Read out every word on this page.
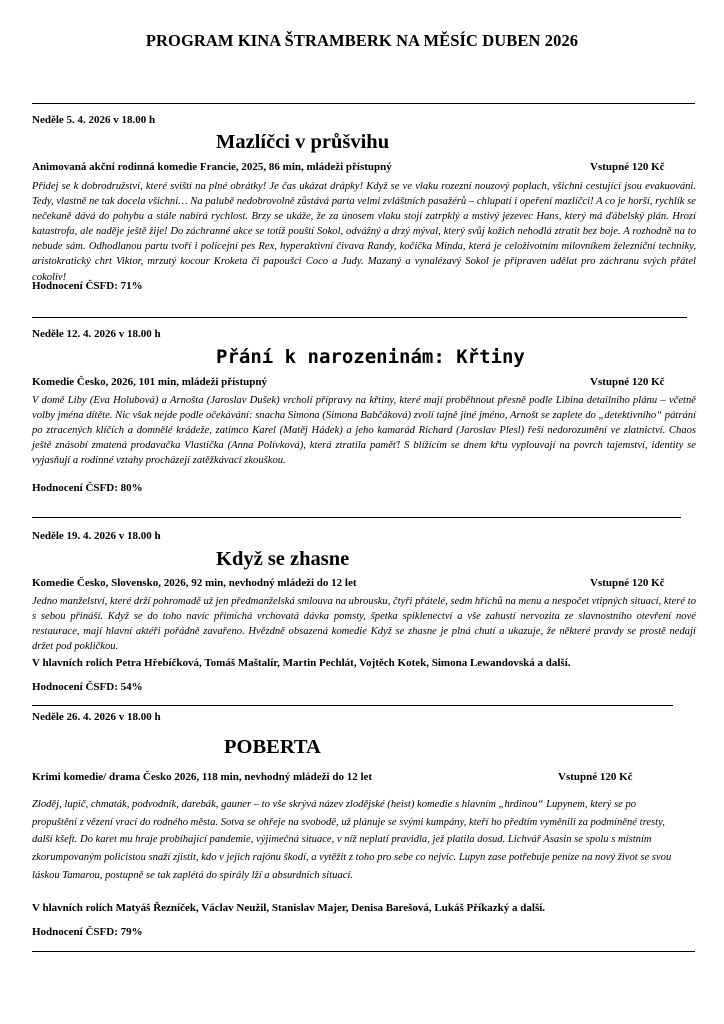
PROGRAM KINA ŠTRAMBERK NA MĚSÍC DUBEN 2026
Neděle 5. 4. 2026 v 18.00 h
Mazlíčci v průšvihu
Animovaná akční rodinná komedie Francie, 2025, 86 min, mládeži přístupný	Vstupné 120 Kč

Přidej se k dobrodružství, které sviští na plné obrátky! Je čas ukázat drápky! Když se ve vlaku rozezní nouzový poplach, všichni cestující jsou evakuováni. Tedy, vlastně ne tak docela všichni… Na palubě nedobrovolně zůstává parta velmi zvláštních pasažérů – chlupatí i opeření mazlíčci! A co je horší, rychlík se nečekaně dává do pohybu a stále nabírá rychlost. Brzy se ukáže, že za únosem vlaku stojí zatrpklý a mstivý jezevec Hans, který má ďábelský plán. Hrozí katastrofa, ale naděje ještě žije! Do záchranné akce se totiž pouští Sokol, odvážný a drzý mýval, který svůj kožich nehodlá ztratit bez boje. A rozhodně na to nebude sám. Odhodlanou partu tvoří i policejní pes Rex, hyperaktivní čivava Randy, kočička Minda, která je celoživotním milovníkem železniční techniky, aristokratický chrt Viktor, mrzutý kocour Kroketa či papoušci Coco a Judy. Mazaný a vynalézavý Sokol je připraven udělat pro záchranu svých přátel cokoliv!

Hodnocení ČSFD: 71%
Neděle 12. 4. 2026 v 18.00 h
Přání k narozeninám: Křtiny
Komedie Česko, 2026, 101 min, mládeži přístupný	Vstupné 120 Kč

V domě Liby (Eva Holubová) a Arnošta (Jaroslav Dušek) vrcholí přípravy na křtiny, které mají proběhnout přesně podle Libina detailního plánu – včetně volby jména dítěte. Nic však nejde podle očekávání: snacha Simona (Simona Babčáková) zvolí tajně jiné jméno, Arnošt se zaplete do „detektivního“ pátrání po ztracených klíčích a domnělé krádeže, zatímco Karel (Matěj Hádek) a jeho kamarád Richard (Jaroslav Plesl) řeší nedorozumění ve zlatnictví. Chaos ještě znásobí zmatená prodavačka Vlastička (Anna Polívková), která ztratila paměť! S blížícím se dnem křtu vyplouvají na povrch tajemství, identity se vyjasňují a rodinné vztahy procházejí zatěžkávací zkouškou.

Hodnocení ČSFD: 80%
Neděle 19. 4. 2026 v 18.00 h
Když se zhasne
Komedie Česko, Slovensko, 2026, 92 min, nevhodný mládeži do 12 let	Vstupné 120 Kč

Jedno manželství, které drží pohromadě už jen předmanželská smlouva na ubrousku, čtyři přátelé, sedm hříchů na menu a nespočet vtipných situací, které to s sebou přináší. Když se do toho navíc přimíchá vrchovatá dávka pomsty, špetka spiklenectví a vše zahustí nervozita ze slavnostního otevření nové restaurace, mají hlavní aktéři pořádně zavařeno. Hvězdně obsazená komedie Když se zhasne je plná chutí a ukazuje, že některé pravdy se prostě nedají držet pod pokličkou.

V hlavních rolích Petra Hřebíčková, Tomáš Maštalír, Martin Pechlát, Vojtěch Kotek, Simona Lewandovská a další.
Hodnocení ČSFD: 54%
Neděle 26. 4. 2026 v 18.00 h
POBERTA
Krimi komedie/ drama Česko 2026, 118 min, nevhodný mládeži do 12 let	Vstupné 120 Kč

Zloděj, lupič, chmaták, podvodník, darebák, gauner – to vše skrývá název zlodějské (heist) komedie s hlavním „hrdinou“ Lupynem, který se po propuštění z vězení vrací do rodného města. Sotva se ohřeje na svobodě, už plánuje se svými kumpány, kteří ho předtím vyměnili za podmíněné tresty, další kšeft. Do karet mu hraje probíhající pandemie, výjimečná situace, v níž neplatí pravidla, jež platila dosud. Lichvář Asasin se spolu s místním zkorumpovaným policistou snaží zjistit, kdo v jejich rajónu škodí, a vytěžit z toho pro sebe co nejvíc. Lupyn zase potřebuje peníze na nový život se svou láskou Tamarou, postupně se tak zaplétá do spirály lží a absurdních situací.

V hlavních rolích Matyáš Řezníček, Václav Neužil, Stanislav Majer, Denisa Barešová, Lukáš Příkazký a další.
Hodnocení ČSFD: 79%
